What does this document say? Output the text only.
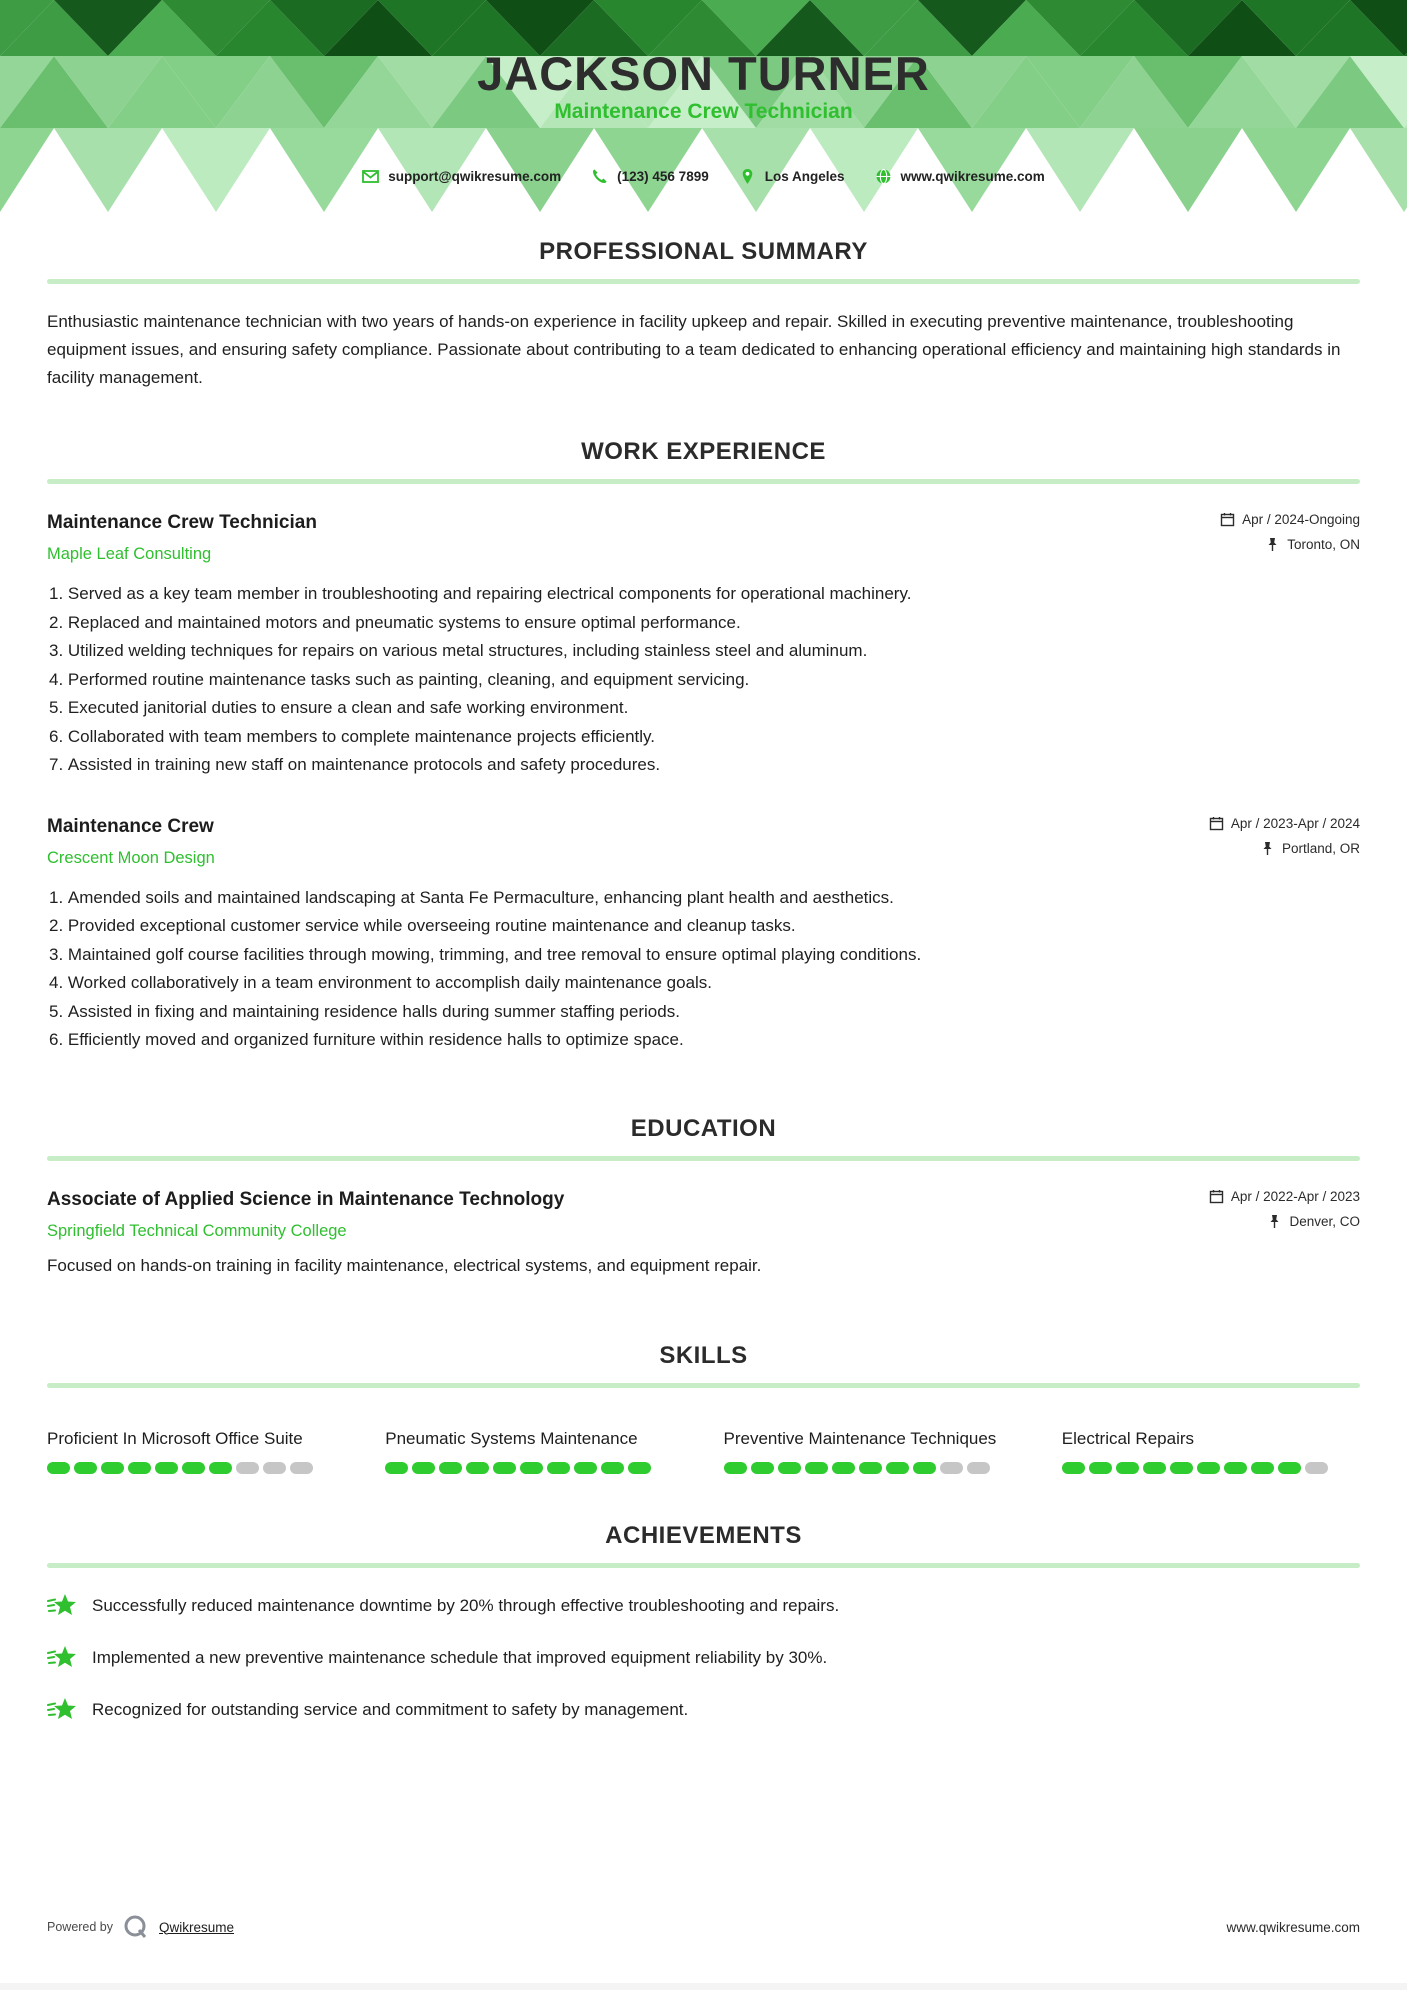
JACKSON TURNER
Maintenance Crew Technician
support@qwikresume.com	(123) 456 7899	Los Angeles	www.qwikresume.com
PROFESSIONAL SUMMARY

Enthusiastic maintenance technician with two years of hands-on experience in facility upkeep and repair. Skilled in executing preventive maintenance, troubleshooting equipment issues, and ensuring safety compliance. Passionate about contributing to a team dedicated to enhancing operational efficiency and maintaining high standards in facility management.

WORK EXPERIENCE
Maintenance Crew Technician
Maple Leaf Consulting
Apr / 2024-Ongoing
Toronto, ON
1. Served as a key team member in troubleshooting and repairing electrical components for operational machinery.
2. Replaced and maintained motors and pneumatic systems to ensure optimal performance.
3. Utilized welding techniques for repairs on various metal structures, including stainless steel and aluminum.
4. Performed routine maintenance tasks such as painting, cleaning, and equipment servicing.
5. Executed janitorial duties to ensure a clean and safe working environment.
6. Collaborated with team members to complete maintenance projects efficiently.
7. Assisted in training new staff on maintenance protocols and safety procedures.
Maintenance Crew
Crescent Moon Design
Apr / 2023-Apr / 2024
Portland, OR
1. Amended soils and maintained landscaping at Santa Fe Permaculture, enhancing plant health and aesthetics.
2. Provided exceptional customer service while overseeing routine maintenance and cleanup tasks.
3. Maintained golf course facilities through mowing, trimming, and tree removal to ensure optimal playing conditions.
4. Worked collaboratively in a team environment to accomplish daily maintenance goals.
5. Assisted in fixing and maintaining residence halls during summer staffing periods.
6. Efficiently moved and organized furniture within residence halls to optimize space.
EDUCATION
Associate of Applied Science in Maintenance Technology
Springfield Technical Community College
Apr / 2022-Apr / 2023
Denver, CO

Focused on hands-on training in facility maintenance, electrical systems, and equipment repair.

SKILLS
Proficient In Microsoft Office Suite	Pneumatic Systems Maintenance	Preventive Maintenance Techniques	Electrical Repairs
ACHIEVEMENTS
Successfully reduced maintenance downtime by 20% through effective troubleshooting and repairs.
Implemented a new preventive maintenance schedule that improved equipment reliability by 30%.
Recognized for outstanding service and commitment to safety by management.
Powered by	Qwikresume	www.qwikresume.com
